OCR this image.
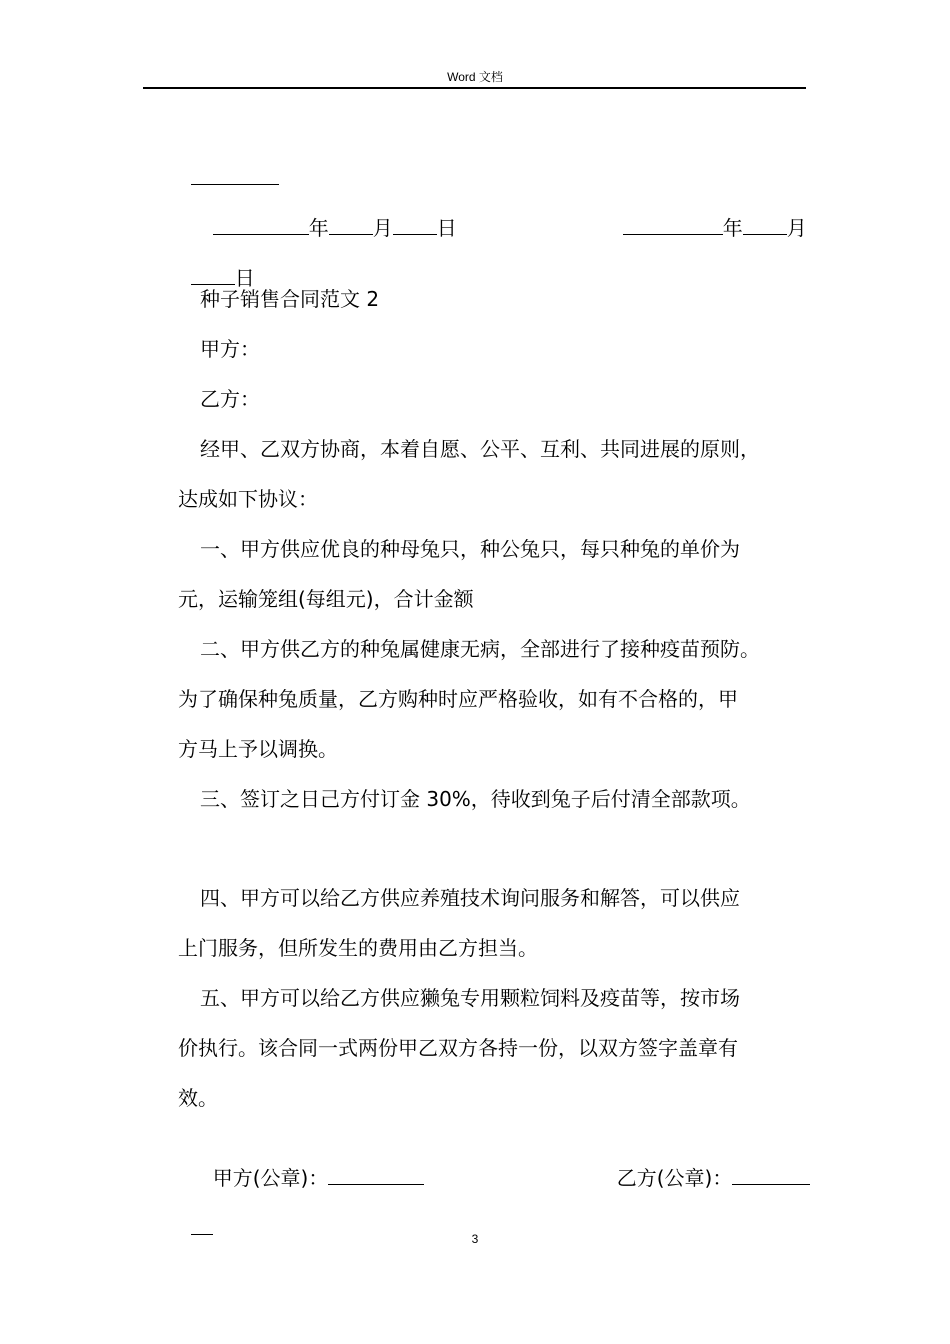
Word 文档

年 月 日	年 月

日

种子销售合同范文 2
甲方：
乙方：
经甲、乙双方协商，本着自愿、公平、互利、共同进展的原则，
达成如下协议：
一、甲方供应优良的种母兔只，种公兔只，每只种兔的单价为
元，运输笼组(每组元)，合计金额
二、甲方供乙方的种兔属健康无病，全部进行了接种疫苗预防。
为了确保种兔质量，乙方购种时应严格验收，如有不合格的，甲
方马上予以调换。
三、签订之日己方付订金 30%，待收到兔子后付清全部款项。
四、甲方可以给乙方供应养殖技术询问服务和解答，可以供应
上门服务，但所发生的费用由乙方担当。
五、甲方可以给乙方供应獭兔专用颗粒饲料及疫苗等，按市场
价执行。该合同一式两份甲乙双方各持一份，以双方签字盖章有
效。

甲方(公章)：	乙方(公章)：

3
